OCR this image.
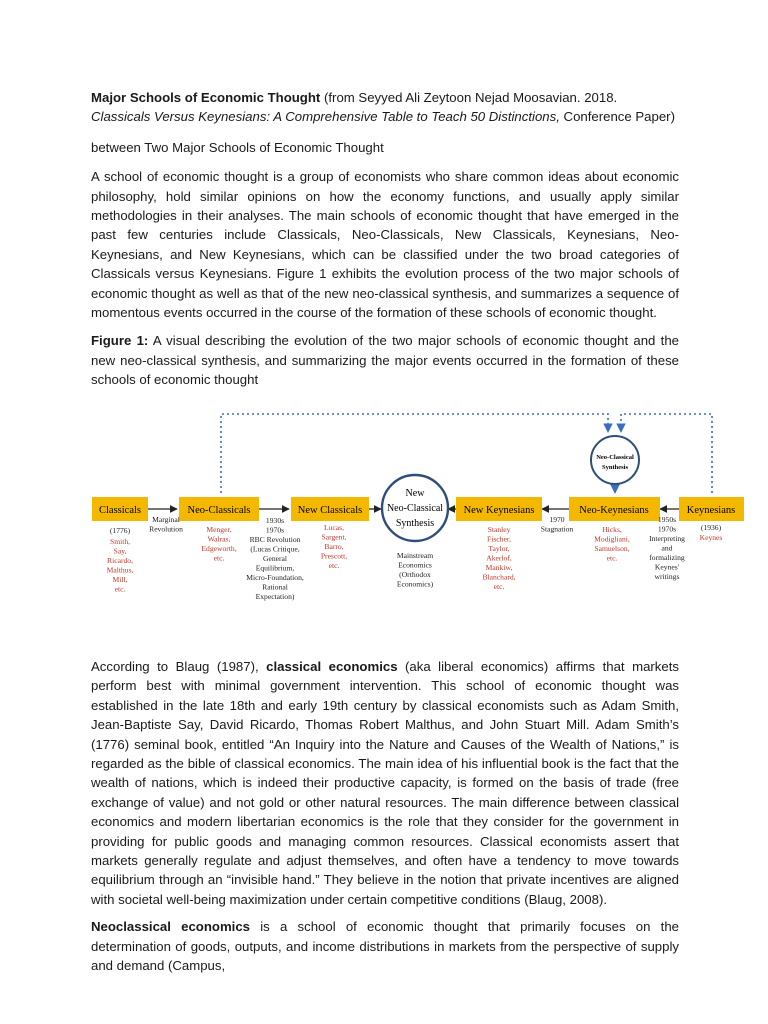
Major Schools of Economic Thought (from Seyyed Ali Zeytoon Nejad Moosavian. 2018. Classicals Versus Keynesians: A Comprehensive Table to Teach 50 Distinctions, Conference Paper)

between Two Major Schools of Economic Thought

A school of economic thought is a group of economists who share common ideas about economic philosophy, hold similar opinions on how the economy functions, and usually apply similar methodologies in their analyses. The main schools of economic thought that have emerged in the past few centuries include Classicals, Neo-Classicals, New Classicals, Keynesians, Neo-Keynesians, and New Keynesians, which can be classified under the two broad categories of Classicals versus Keynesians. Figure 1 exhibits the evolution process of the two major schools of economic thought as well as that of the new neo-classical synthesis, and summarizes a sequence of momentous events occurred in the course of the formation of these schools of economic thought.

Figure 1: A visual describing the evolution of the two major schools of economic thought and the new neo-classical synthesis, and summarizing the major events occurred in the formation of these schools of economic thought

Classicals	Neo-Classicals	New Classicals	New Keynesians	Neo-Keynesians	Keynesians
New
Neo-Classical
Synthesis
Neo-Classical
Synthesis
(1776)
Smith,
Say,
Ricardo,
Malthus,
Mill,
etc.
Marginal
Revolution	Menger,
Walras,
Edgeworth,
etc.
1930s
1970s
RBC Revolution
(Lucas Critique,
General
Equilibrium,
Micro-Foundation,
Rational
Expectation)
Lucas,
Sargent,
Barro,
Prescott,
etc.
Mainstream
Economics
(Orthodox
Economics)
Stanley
Fischer,
Taylor,
Akerlof,
Mankiw,
Blanchard,
etc.
1970
Stagnation	Hicks,
Modigliani,
Samuelson,
etc.
1950s
1970s
Interpreting
and
formalizing
Keynes'
writings
(1936)
Keynes

According to Blaug (1987), classical economics (aka liberal economics) affirms that markets perform best with minimal government intervention. This school of economic thought was established in the late 18th and early 19th century by classical economists such as Adam Smith, Jean-Baptiste Say, David Ricardo, Thomas Robert Malthus, and John Stuart Mill. Adam Smith’s (1776) seminal book, entitled “An Inquiry into the Nature and Causes of the Wealth of Nations,” is regarded as the bible of classical economics. The main idea of his influential book is the fact that the wealth of nations, which is indeed their productive capacity, is formed on the basis of trade (free exchange of value) and not gold or other natural resources. The main difference between classical economics and modern libertarian economics is the role that they consider for the government in providing for public goods and managing common resources. Classical economists assert that markets generally regulate and adjust themselves, and often have a tendency to move towards equilibrium through an “invisible hand.” They believe in the notion that private incentives are aligned with societal well-being maximization under certain competitive conditions (Blaug, 2008).

Neoclassical economics is a school of economic thought that primarily focuses on the determination of goods, outputs, and income distributions in markets from the perspective of supply and demand (Campus,
